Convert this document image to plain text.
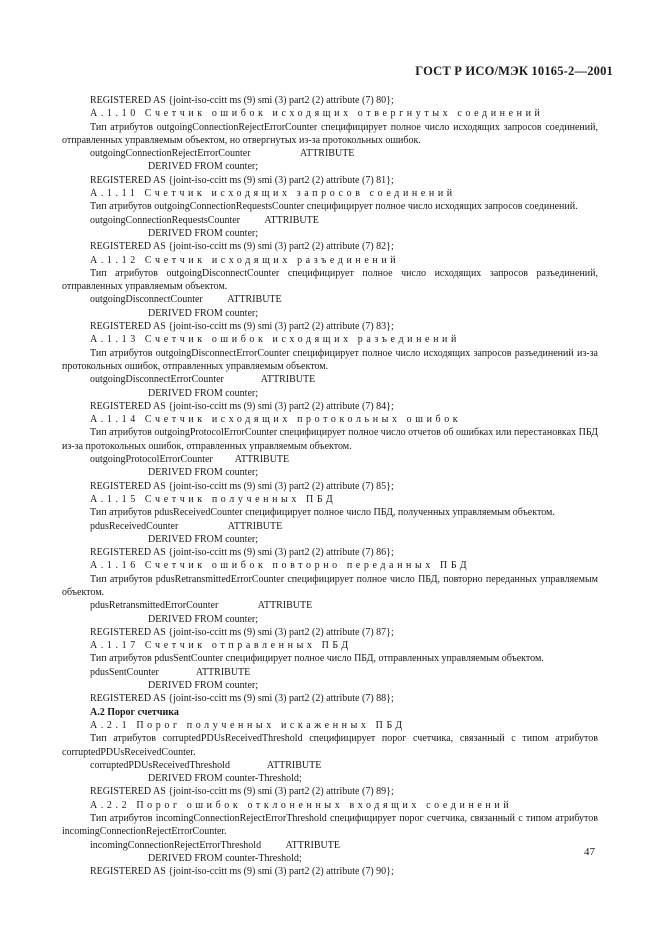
ГОСТ Р ИСО/МЭК 10165-2—2001
REGISTERED AS {joint-iso-ccitt ms (9) smi (3) part2 (2) attribute (7) 80};
A.1.10 Счетчик ошибок исходящих отвергнутых соединений
Тип атрибутов outgoingConnectionRejectErrorCounter специфицирует полное число исходящих запросов соединений, отправленных управляемым объектом, но отвергнутых из-за протокольных ошибок.
outgoingConnectionRejectErrorCounter                    ATTRIBUTE
DERIVED FROM counter;
REGISTERED AS {joint-iso-ccitt ms (9) smi (3) part2 (2) attribute (7) 81};
A.1.11 Счетчик исходящих запросов соединений
Тип атрибутов outgoingConnectionRequestsCounter специфицирует полное число исходящих запросов соединений.
outgoingConnectionRequestsCounter          ATTRIBUTE
DERIVED FROM counter;
REGISTERED AS {joint-iso-ccitt ms (9) smi (3) part2 (2) attribute (7) 82};
A.1.12 Счетчик исходящих разъединений
Тип атрибутов outgoingDisconnectCounter специфицирует полное число исходящих запросов разъединений, отправленных управляемым объектом.
outgoingDisconnectCounter          ATTRIBUTE
DERIVED FROM counter;
REGISTERED AS {joint-iso-ccitt ms (9) smi (3) part2 (2) attribute (7) 83};
A.1.13 Счетчик ошибок исходящих разъединений
Тип атрибутов outgoingDisconnectErrorCounter специфицирует полное число исходящих запросов разъединений из-за протокольных ошибок, отправленных управляемым объектом.
outgoingDisconnectErrorCounter               ATTRIBUTE
DERIVED FROM counter;
REGISTERED AS {joint-iso-ccitt ms (9) smi (3) part2 (2) attribute (7) 84};
A.1.14 Счетчик исходящих протокольных ошибок
Тип атрибутов outgoingProtocolErrorCounter специфицирует полное число отчетов об ошибках или перестановках ПБД из-за протокольных ошибок, отправленных управляемым объектом.
outgoingProtocolErrorCounter         ATTRIBUTE
DERIVED FROM counter;
REGISTERED AS {joint-iso-ccitt ms (9) smi (3) part2 (2) attribute (7) 85};
A.1.15 Счетчик полученных ПБД
Тип атрибутов pdusReceivedCounter специфицирует полное число ПБД, полученных управляемым объектом.
pdusReceivedCounter                    ATTRIBUTE
DERIVED FROM counter;
REGISTERED AS {joint-iso-ccitt ms (9) smi (3) part2 (2) attribute (7) 86};
A.1.16 Счетчик ошибок повторно переданных ПБД
Тип атрибутов pdusRetransmittedErrorCounter специфицирует полное число ПБД, повторно переданных управляемым объектом.
pdusRetransmittedErrorCounter                ATTRIBUTE
DERIVED FROM counter;
REGISTERED AS {joint-iso-ccitt ms (9) smi (3) part2 (2) attribute (7) 87};
A.1.17 Счетчик отправленных ПБД
Тип атрибутов pdusSentCounter специфицирует полное число ПБД, отправленных управляемым объектом.
pdusSentCounter               ATTRIBUTE
DERIVED FROM counter;
REGISTERED AS {joint-iso-ccitt ms (9) smi (3) part2 (2) attribute (7) 88};
A.2 Порог счетчика
A.2.1 Порог полученных искаженных ПБД
Тип атрибутов corruptedPDUsReceivedThreshold специфицирует порог счетчика, связанный с типом атрибутов corruptedPDUsReceivedCounter.
corruptedPDUsReceivedThreshold               ATTRIBUTE
DERIVED FROM counter-Threshold;
REGISTERED AS {joint-iso-ccitt ms (9) smi (3) part2 (2) attribute (7) 89};
A.2.2 Порог ошибок отклоненных входящих соединений
Тип атрибутов incomingConnectionRejectErrorThreshold специфицирует порог счетчика, связанный с типом атрибутов incomingConnectionRejectErrorCounter.
incomingConnectionRejectErrorThreshold          ATTRIBUTE
DERIVED FROM counter-Threshold;
REGISTERED AS {joint-iso-ccitt ms (9) smi (3) part2 (2) attribute (7) 90};
47
